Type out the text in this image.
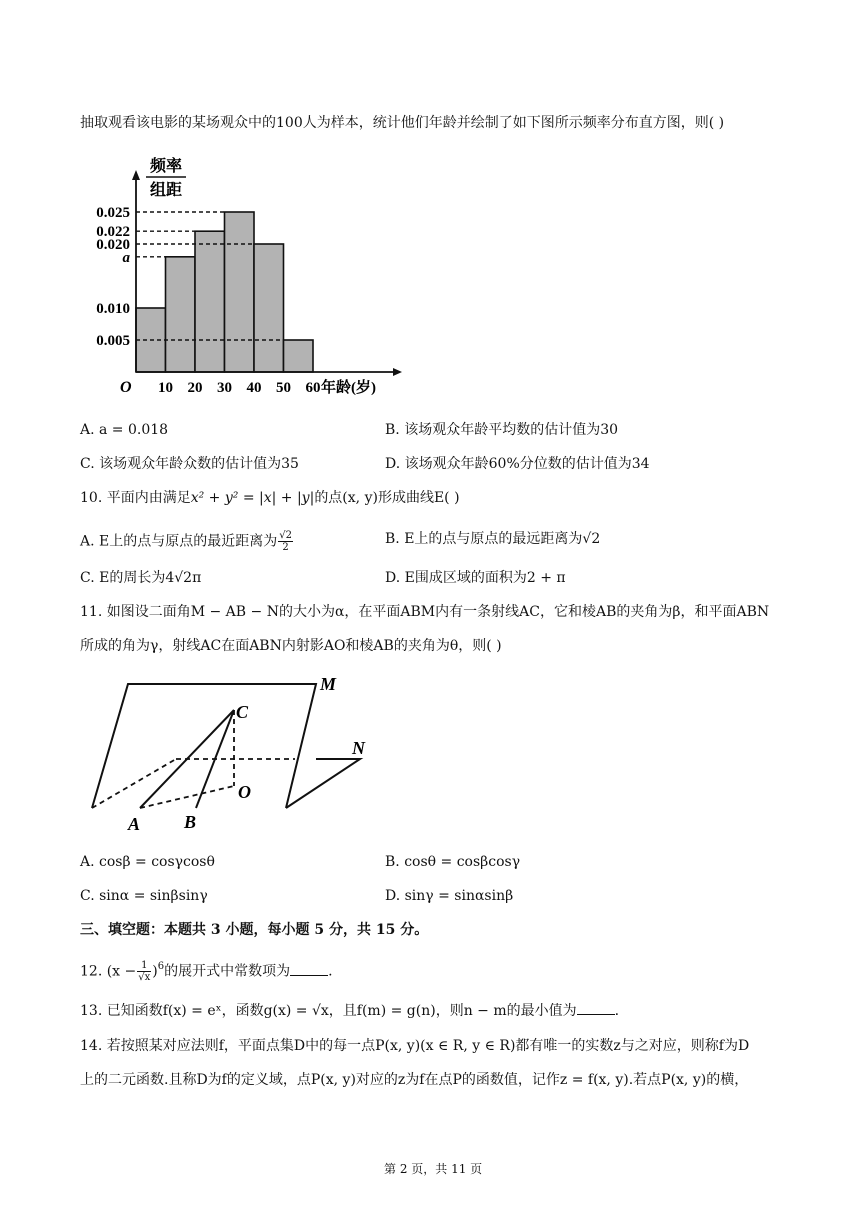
抽取观看该电影的某场观众中的100人为样本，统计他们年龄并绘制了如下图所示频率分布直方图，则( )
0.025
0.022
0.020
a
0.010
0.005
10 20 30 40 50 60
O	年龄(岁)
频率
组距
A. a = 0.018	B. 该场观众年龄平均数的估计值为30
C. 该场观众年龄众数的估计值为35	D. 该场观众年龄60%分位数的估计值为34
10. 平面内由满足x² + y² = |x| + |y|的点(x, y)形成曲线E( )
A. E上的点与原点的最近距离为 $\frac{√2}{2}$	B. E上的点与原点的最远距离为√2
C. E的周长为4√2π	D. E围成区域的面积为2 + π
11. 如图设二面角M − AB − N的大小为α，在平面ABM内有一条射线AC，它和棱AB的夹角为β，和平面ABN
所成的角为γ，射线AC在面ABN内射影AO和棱AB的夹角为θ，则( )
M
N
C
O
A B
A. cosβ = cosγcosθ	B. cosθ = cosβcosγ
C. sinα = sinβsinγ	D. sinγ = sinαsinβ
三、填空题：本题共 3 小题，每小题 5 分，共 15 分。
12. $(x - \frac{1}{√x} )^6$的展开式中常数项为	.
13. 已知函数f(x) = eˣ，函数g(x) = √x，且f(m) = g(n)，则n − m的最小值为	.
14. 若按照某对应法则f，平面点集D中的每一点P(x, y)(x ∈ R, y ∈ R)都有唯一的实数z与之对应，则称f为D
上的二元函数.且称D为f的定义域，点P(x, y)对应的z为f在点P的函数值，记作z = f(x, y).若点P(x, y)的横，
第 2 页，共 11 页
